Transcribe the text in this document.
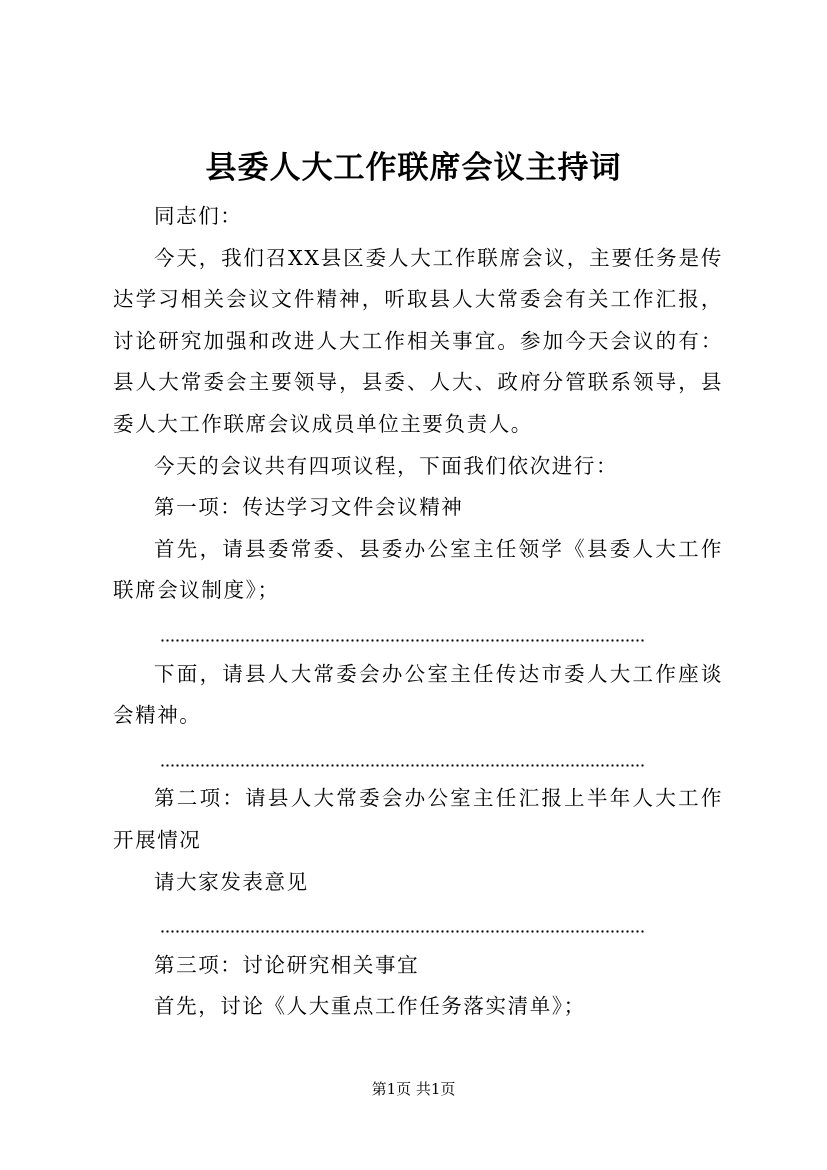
县委人大工作联席会议主持词

同志们：

今天，我们召XX县区委人大工作联席会议，主要任务是传达学习相关会议文件精神，听取县人大常委会有关工作汇报，讨论研究加强和改进人大工作相关事宜。参加今天会议的有：县人大常委会主要领导，县委、人大、政府分管联系领导，县委人大工作联席会议成员单位主要负责人。

今天的会议共有四项议程，下面我们依次进行：

第一项：传达学习文件会议精神

首先，请县委常委、县委办公室主任领学《县委人大工作联席会议制度》；

下面，请县人大常委会办公室主任传达市委人大工作座谈会精神。

第二项：请县人大常委会办公室主任汇报上半年人大工作开展情况

请大家发表意见

第三项：讨论研究相关事宜

首先，讨论《人大重点工作任务落实清单》；

第1页 共1页
